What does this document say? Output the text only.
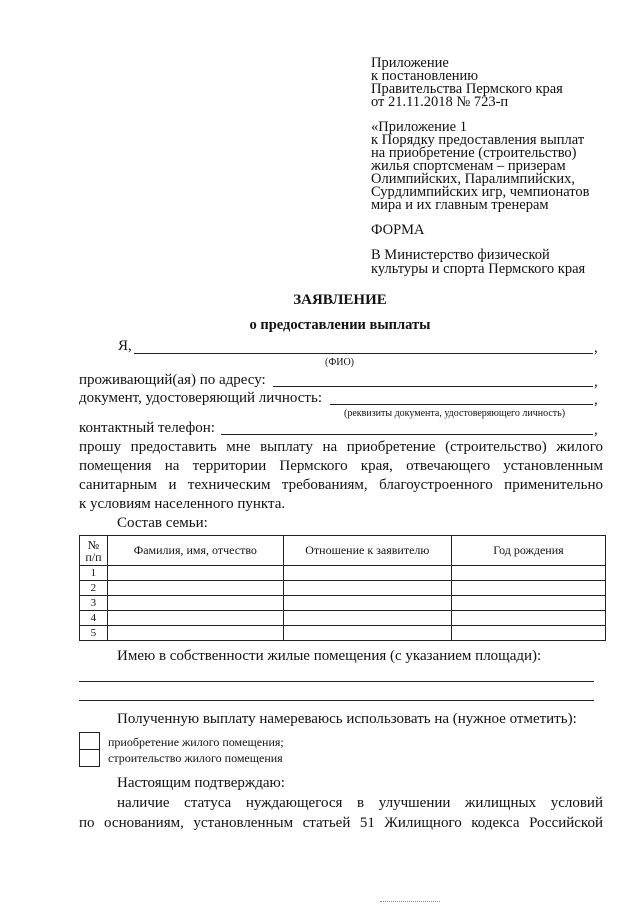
Приложение
к постановлению
Правительства Пермского края
от 21.11.2018 № 723-п
«Приложение 1
к Порядку предоставления выплат
на приобретение (строительство)
жилья спортсменам – призерам
Олимпийских, Паралимпийских,
Сурдлимпийских игр, чемпионатов
мира и их главным тренерам
ФОРМА
В Министерство физической
культуры и спорта Пермского края
ЗАЯВЛЕНИЕ
о предоставлении выплаты
Я,	,
(ФИО)
проживающий(ая) по адресу:	,
документ, удостоверяющий личность:	,
(реквизиты документа, удостоверяющего личность)
контактный телефон:	,
прошу предоставить мне выплату на приобретение (строительство) жилого
помещения на территории Пермского края, отвечающего установленным
санитарным и техническим требованиям, благоустроенного применительно
к условиям населенного пункта.
Состав семьи:
№
п/п	Фамилия, имя, отчество	Отношение к заявителю	Год рождения
1			
2			
3			
4			
5			
Имею в собственности жилые помещения (с указанием площади):
Полученную выплату намереваюсь использовать на (нужное отметить):
приобретение жилого помещения;
строительство жилого помещения
Настоящим подтверждаю:
наличие статуса нуждающегося в улучшении жилищных условий
по основаниям, установленным статьей 51 Жилищного кодекса Российской
